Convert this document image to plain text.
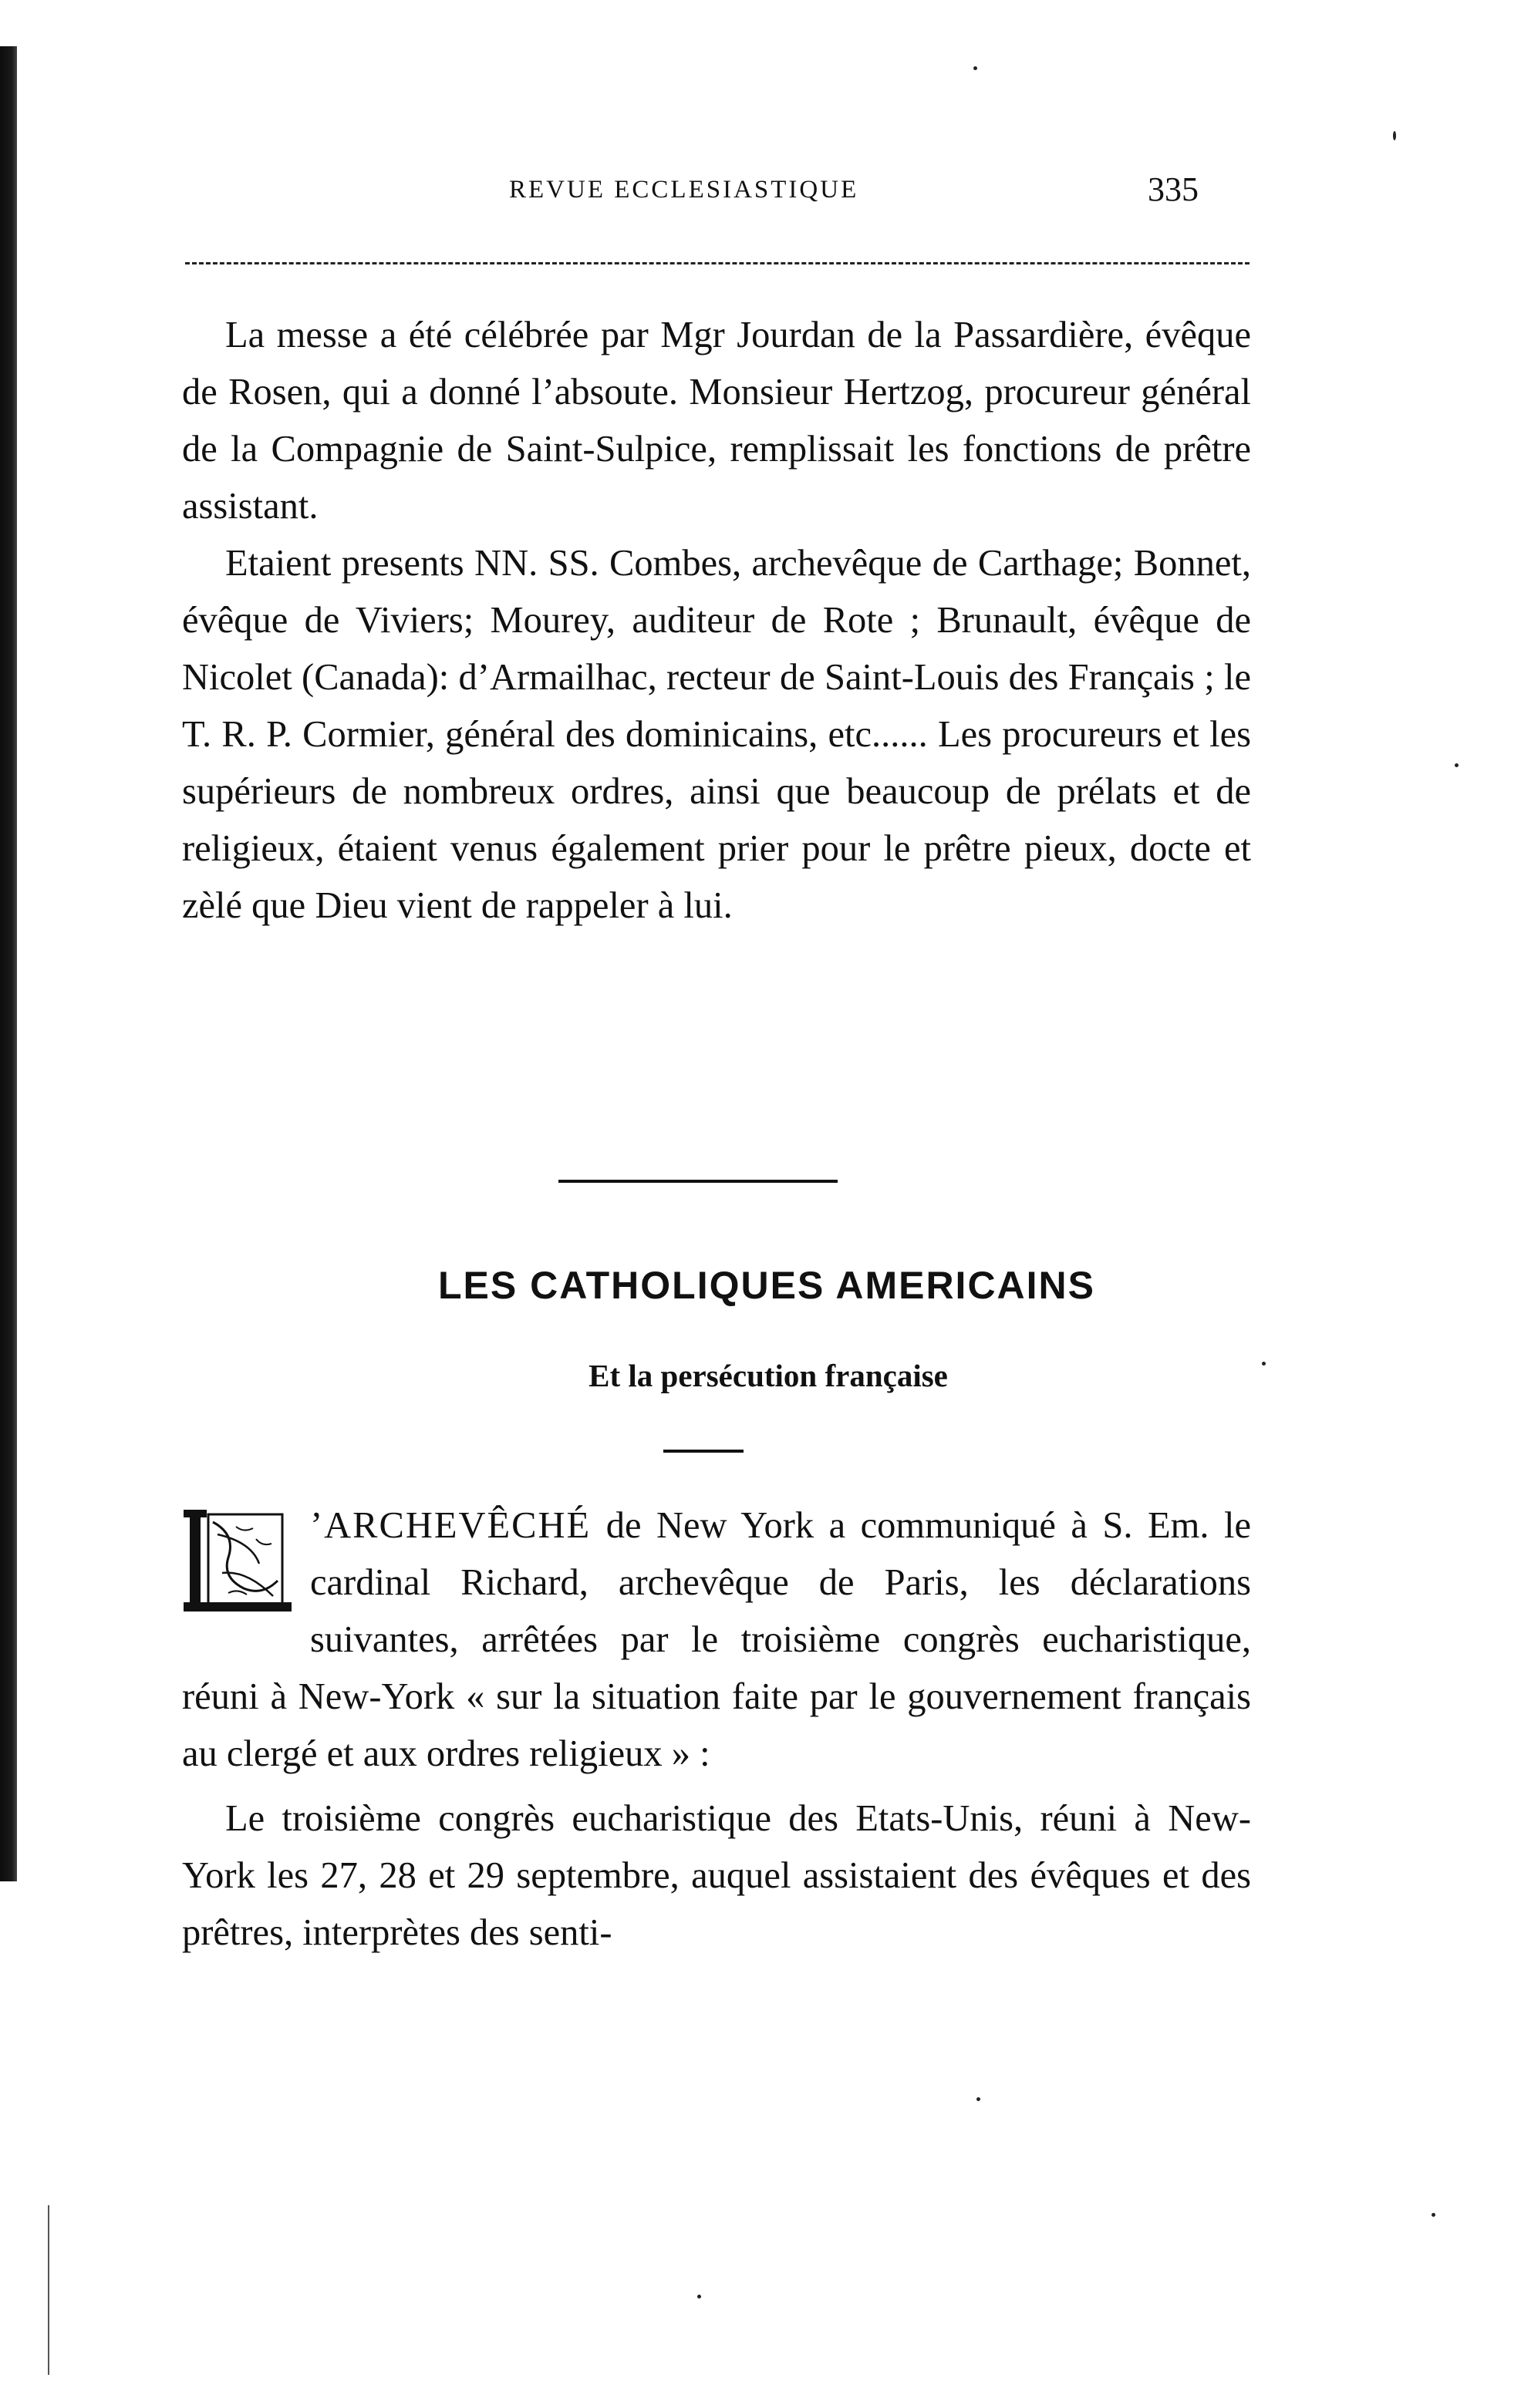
REVUE ECCLESIASTIQUE	335

La messe a été célébrée par Mgr Jourdan de la Passardière, évêque de Rosen, qui a donné l’absoute. Monsieur Hertzog, procureur général de la Compagnie de Saint-Sulpice, remplissait les fonctions de prêtre assistant.

Etaient presents NN. SS. Combes, archevêque de Carthage; Bonnet, évêque de Viviers; Mourey, auditeur de Rote ; Brunault, évêque de Nicolet (Canada): d’Armailhac, recteur de Saint-Louis des Français ; le T. R. P. Cormier, général des dominicains, etc...... Les procureurs et les supérieurs de nombreux ordres, ainsi que beaucoup de prélats et de religieux, étaient venus également prier pour le prêtre pieux, docte et zèlé que Dieu vient de rappeler à lui.

LES CATHOLIQUES AMERICAINS
Et la persécution française

L
’ARCHEVÊCHÉ de New York a communiqué à S. Em. le cardinal Richard, archevêque de Paris, les déclarations suivantes, arrêtées par le troisième congrès eucharistique, réuni à New-York « sur la situation faite par le gouvernement français au clergé et aux ordres religieux » :

Le troisième congrès eucharistique des Etats-Unis, réuni à New-York les 27, 28 et 29 septembre, auquel assistaient des évêques et des prêtres, interprètes des senti-
